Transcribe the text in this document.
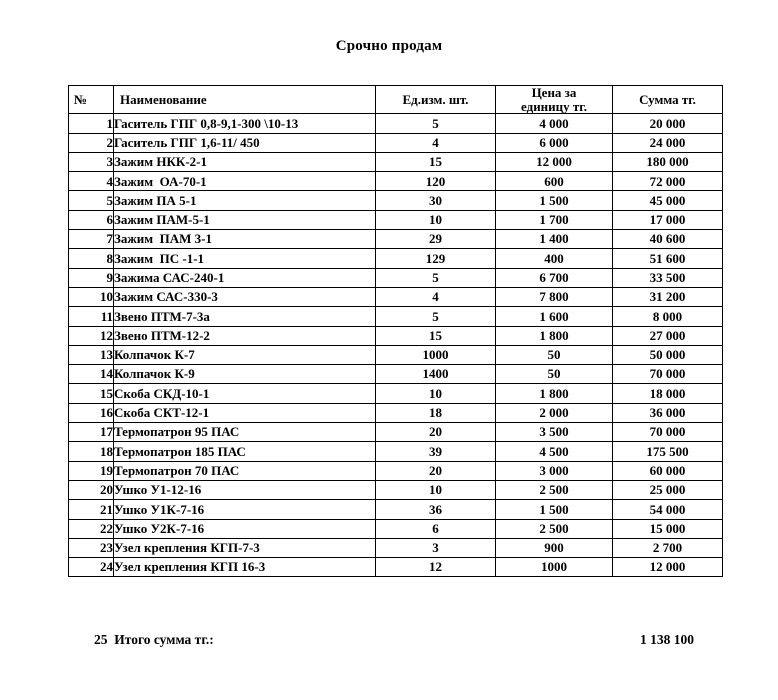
Срочно продам
№	Наименование	Ед.изм. шт.	Цена за
единицу тг.	Сумма тг.
1	Гаситель ГПГ 0,8-9,1-300 \10-13	5	4 000	20 000
2	Гаситель ГПГ 1,6-11/ 450	4	6 000	24 000
3	Зажим НКК-2-1	15	12 000	180 000
4	Зажим  ОА-70-1	120	600	72 000
5	Зажим ПА 5-1	30	1 500	45 000
6	Зажим ПАМ-5-1	10	1 700	17 000
7	Зажим  ПАМ 3-1	29	1 400	40 600
8	Зажим  ПС -1-1	129	400	51 600
9	Зажима САС-240-1	5	6 700	33 500
10	Зажим САС-330-3	4	7 800	31 200
11	Звено ПТМ-7-3а	5	1 600	8 000
12	Звено ПТМ-12-2	15	1 800	27 000
13	Колпачок К-7	1000	50	50 000
14	Колпачок К-9	1400	50	70 000
15	Скоба СКД-10-1	10	1 800	18 000
16	Скоба СКТ-12-1	18	2 000	36 000
17	Термопатрон 95 ПАС	20	3 500	70 000
18	Термопатрон 185 ПАС	39	4 500	175 500
19	Термопатрон 70 ПАС	20	3 000	60 000
20	Ушко У1-12-16	10	2 500	25 000
21	Ушко У1К-7-16	36	1 500	54 000
22	Ушко У2К-7-16	6	2 500	15 000
23	Узел крепления КГП-7-3	3	900	2 700
24	Узел крепления КГП 16-3	12	1000	12 000
25  Итого сумма тг.:	1 138 100
